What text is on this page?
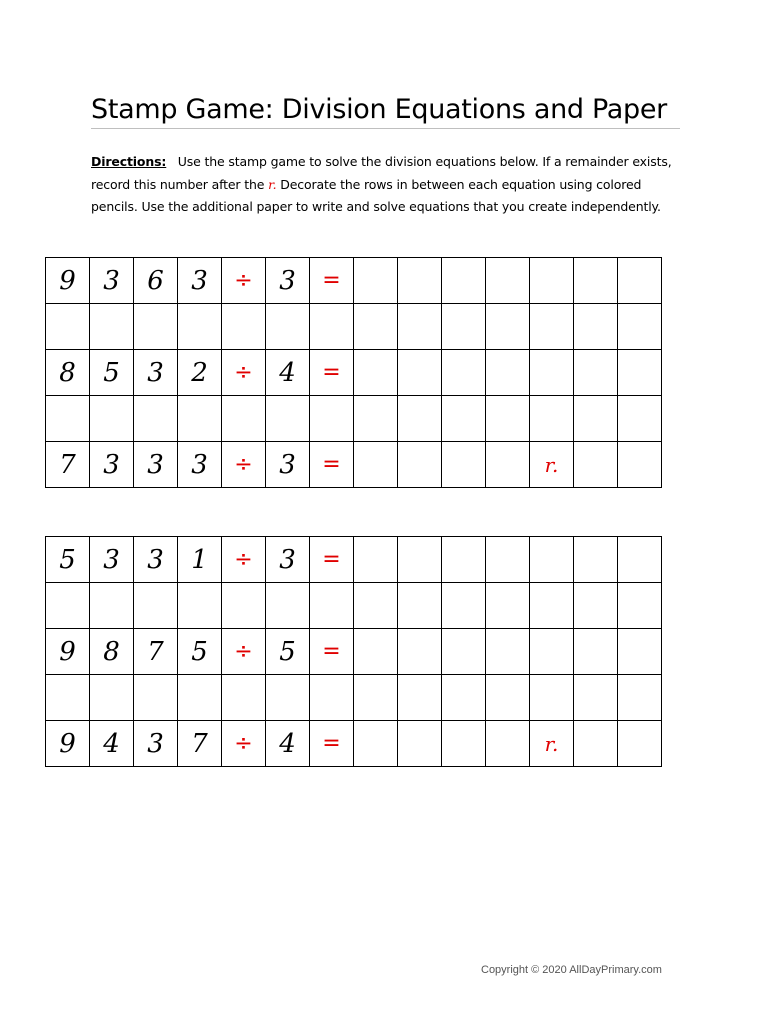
Stamp Game: Division Equations and Paper

Directions: Use the stamp game to solve the division equations below. If a remainder exists, record this number after the r. Decorate the rows in between each equation using colored pencils. Use the additional paper to write and solve equations that you create independently.

9	3	6	3	÷	3	=							

8	5	3	2	÷	4	=							

7	3	3	3	÷	3	=					r.		
5	3	3	1	÷	3	=							

9	8	7	5	÷	5	=							

9	4	3	7	÷	4	=					r.		
Copyright © 2020 AllDayPrimary.com
